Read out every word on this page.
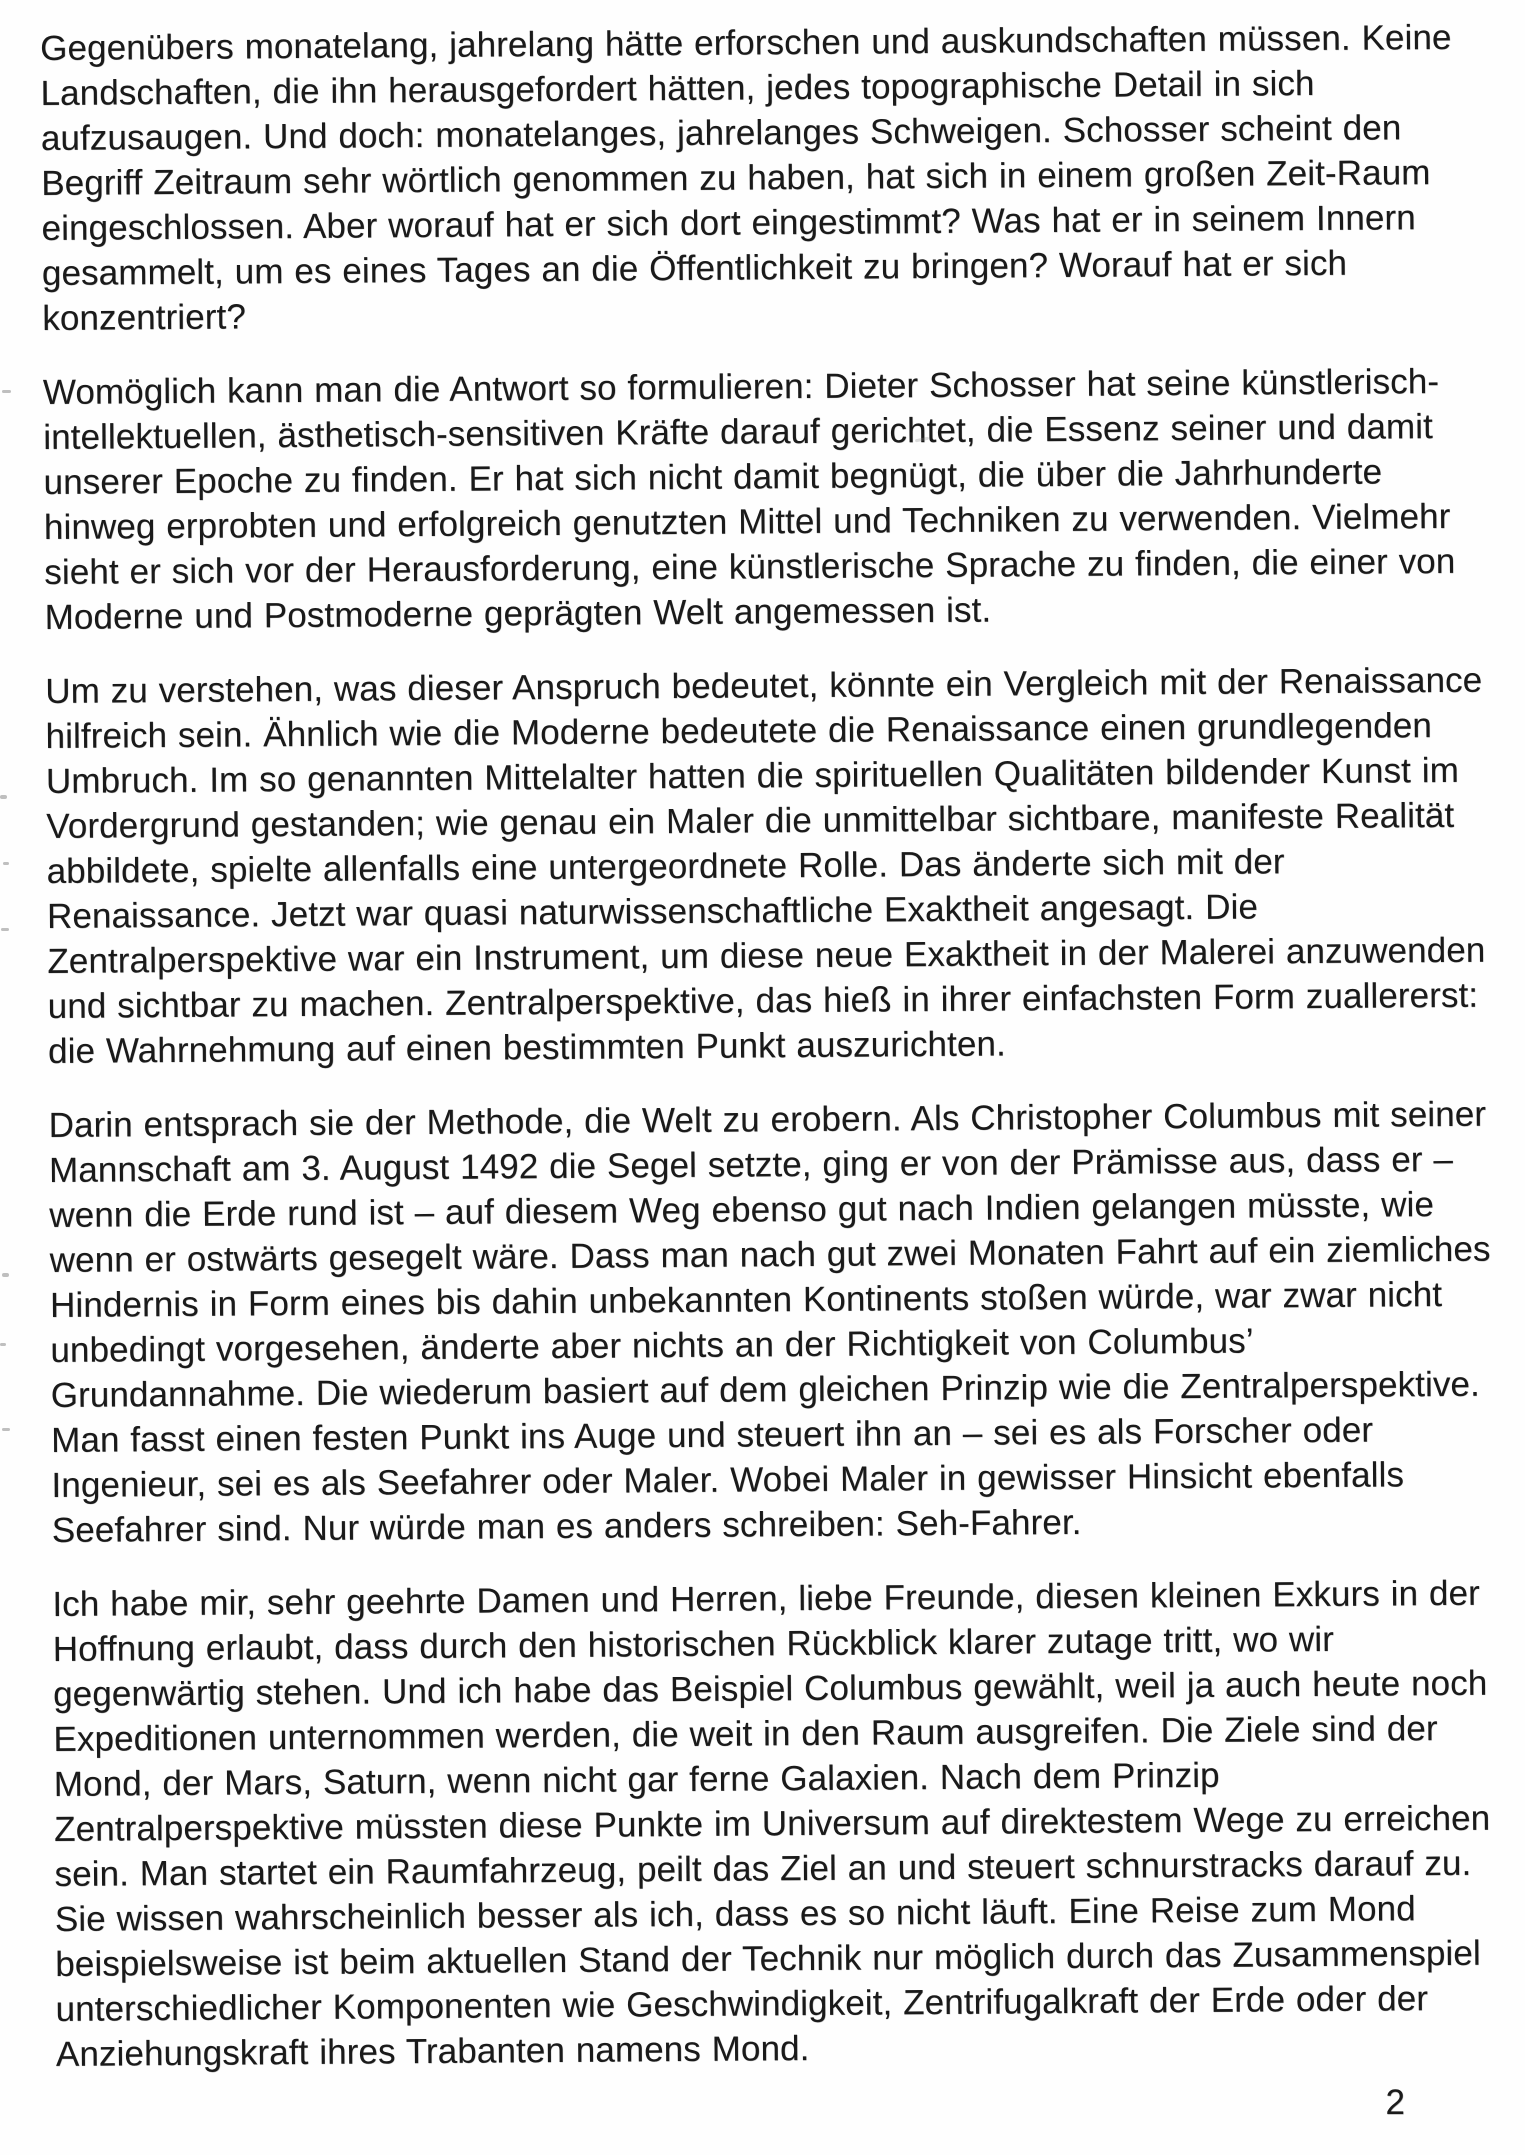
Gegenübers monatelang, jahrelang hätte erforschen und auskundschaften müssen. Keine Landschaften, die ihn herausgefordert hätten, jedes topographische Detail in sich aufzusaugen. Und doch: monatelanges, jahrelanges Schweigen. Schosser scheint den Begriff Zeitraum sehr wörtlich genommen zu haben, hat sich in einem großen Zeit-Raum eingeschlossen. Aber worauf hat er sich dort eingestimmt? Was hat er in seinem Innern gesammelt, um es eines Tages an die Öffentlichkeit zu bringen? Worauf hat er sich konzentriert?

Womöglich kann man die Antwort so formulieren: Dieter Schosser hat seine künstlerisch-intellektuellen, ästhetisch-sensitiven Kräfte darauf gerichtet, die Essenz seiner und damit unserer Epoche zu finden. Er hat sich nicht damit begnügt, die über die Jahrhunderte hinweg erprobten und erfolgreich genutzten Mittel und Techniken zu verwenden. Vielmehr sieht er sich vor der Herausforderung, eine künstlerische Sprache zu finden, die einer von Moderne und Postmoderne geprägten Welt angemessen ist.

Um zu verstehen, was dieser Anspruch bedeutet, könnte ein Vergleich mit der Renaissance hilfreich sein. Ähnlich wie die Moderne bedeutete die Renaissance einen grundlegenden Umbruch. Im so genannten Mittelalter hatten die spirituellen Qualitäten bildender Kunst im Vordergrund gestanden; wie genau ein Maler die unmittelbar sichtbare, manifeste Realität abbildete, spielte allenfalls eine untergeordnete Rolle. Das änderte sich mit der Renaissance. Jetzt war quasi naturwissenschaftliche Exaktheit angesagt. Die Zentralperspektive war ein Instrument, um diese neue Exaktheit in der Malerei anzuwenden und sichtbar zu machen. Zentralperspektive, das hieß in ihrer einfachsten Form zuallererst: die Wahrnehmung auf einen bestimmten Punkt auszurichten.

Darin entsprach sie der Methode, die Welt zu erobern. Als Christopher Columbus mit seiner Mannschaft am 3. August 1492 die Segel setzte, ging er von der Prämisse aus, dass er – wenn die Erde rund ist – auf diesem Weg ebenso gut nach Indien gelangen müsste, wie wenn er ostwärts gesegelt wäre. Dass man nach gut zwei Monaten Fahrt auf ein ziemliches Hindernis in Form eines bis dahin unbekannten Kontinents stoßen würde, war zwar nicht unbedingt vorgesehen, änderte aber nichts an der Richtigkeit von Columbus’ Grundannahme. Die wiederum basiert auf dem gleichen Prinzip wie die Zentralperspektive. Man fasst einen festen Punkt ins Auge und steuert ihn an – sei es als Forscher oder Ingenieur, sei es als Seefahrer oder Maler. Wobei Maler in gewisser Hinsicht ebenfalls Seefahrer sind. Nur würde man es anders schreiben: Seh-Fahrer.

Ich habe mir, sehr geehrte Damen und Herren, liebe Freunde, diesen kleinen Exkurs in der Hoffnung erlaubt, dass durch den historischen Rückblick klarer zutage tritt, wo wir gegenwärtig stehen. Und ich habe das Beispiel Columbus gewählt, weil ja auch heute noch Expeditionen unternommen werden, die weit in den Raum ausgreifen. Die Ziele sind der Mond, der Mars, Saturn, wenn nicht gar ferne Galaxien. Nach dem Prinzip Zentralperspektive müssten diese Punkte im Universum auf direktestem Wege zu erreichen sein. Man startet ein Raumfahrzeug, peilt das Ziel an und steuert schnurstracks darauf zu. Sie wissen wahrscheinlich besser als ich, dass es so nicht läuft. Eine Reise zum Mond beispielsweise ist beim aktuellen Stand der Technik nur möglich durch das Zusammenspiel unterschiedlicher Komponenten wie Geschwindigkeit, Zentrifugalkraft der Erde oder der Anziehungskraft ihres Trabanten namens Mond.

2
